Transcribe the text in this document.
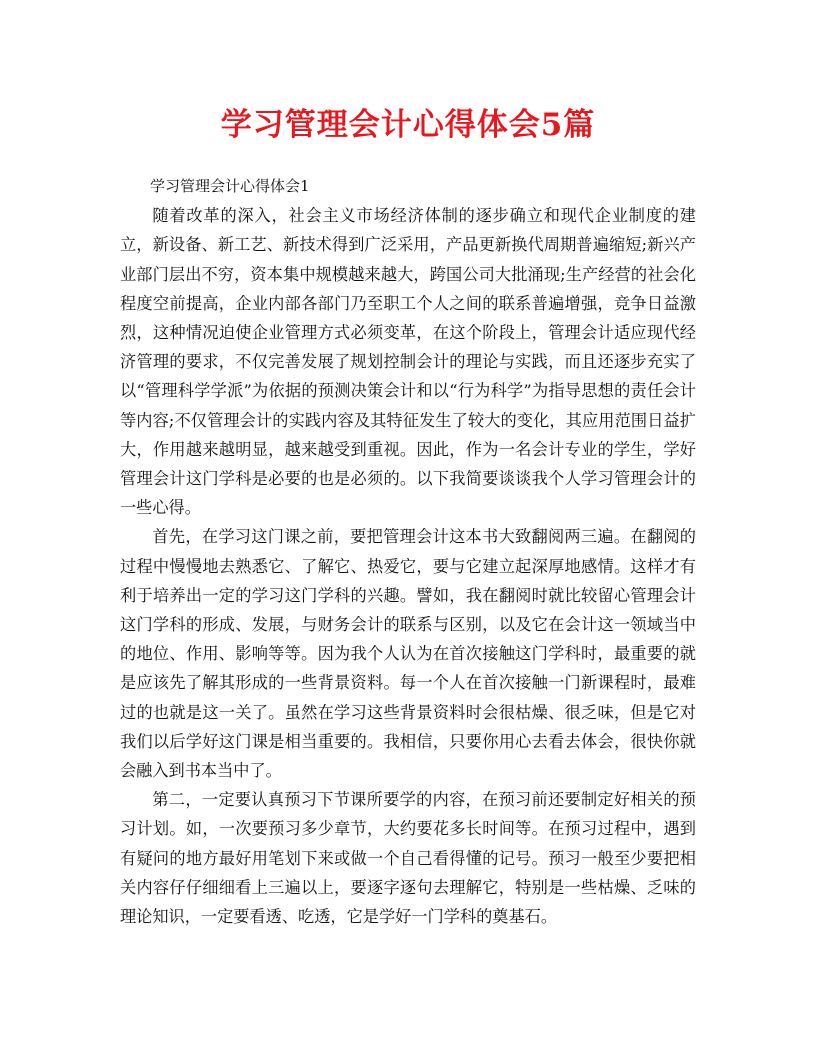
学习管理会计心得体会5篇

学习管理会计心得体会1

随着改革的深入，社会主义市场经济体制的逐步确立和现代企业制度的建立，新设备、新工艺、新技术得到广泛采用，产品更新换代周期普遍缩短;新兴产业部门层出不穷，资本集中规模越来越大，跨国公司大批涌现;生产经营的社会化程度空前提高，企业内部各部门乃至职工个人之间的联系普遍增强，竞争日益激烈，这种情况迫使企业管理方式必须变革，在这个阶段上，管理会计适应现代经济管理的要求，不仅完善发展了规划控制会计的理论与实践，而且还逐步充实了以“管理科学学派”为依据的预测决策会计和以“行为科学”为指导思想的责任会计等内容;不仅管理会计的实践内容及其特征发生了较大的变化，其应用范围日益扩大，作用越来越明显，越来越受到重视。因此，作为一名会计专业的学生，学好管理会计这门学科是必要的也是必须的。以下我简要谈谈我个人学习管理会计的一些心得。

首先，在学习这门课之前，要把管理会计这本书大致翻阅两三遍。在翻阅的过程中慢慢地去熟悉它、了解它、热爱它，要与它建立起深厚地感情。这样才有利于培养出一定的学习这门学科的兴趣。譬如，我在翻阅时就比较留心管理会计这门学科的形成、发展，与财务会计的联系与区别，以及它在会计这一领域当中的地位、作用、影响等等。因为我个人认为在首次接触这门学科时，最重要的就是应该先了解其形成的一些背景资料。每一个人在首次接触一门新课程时，最难过的也就是这一关了。虽然在学习这些背景资料时会很枯燥、很乏味，但是它对我们以后学好这门课是相当重要的。我相信，只要你用心去看去体会，很快你就会融入到书本当中了。

第二，一定要认真预习下节课所要学的内容，在预习前还要制定好相关的预习计划。如，一次要预习多少章节，大约要花多长时间等。在预习过程中，遇到有疑问的地方最好用笔划下来或做一个自己看得懂的记号。预习一般至少要把相关内容仔仔细细看上三遍以上，要逐字逐句去理解它，特别是一些枯燥、乏味的理论知识，一定要看透、吃透，它是学好一门学科的奠基石。
